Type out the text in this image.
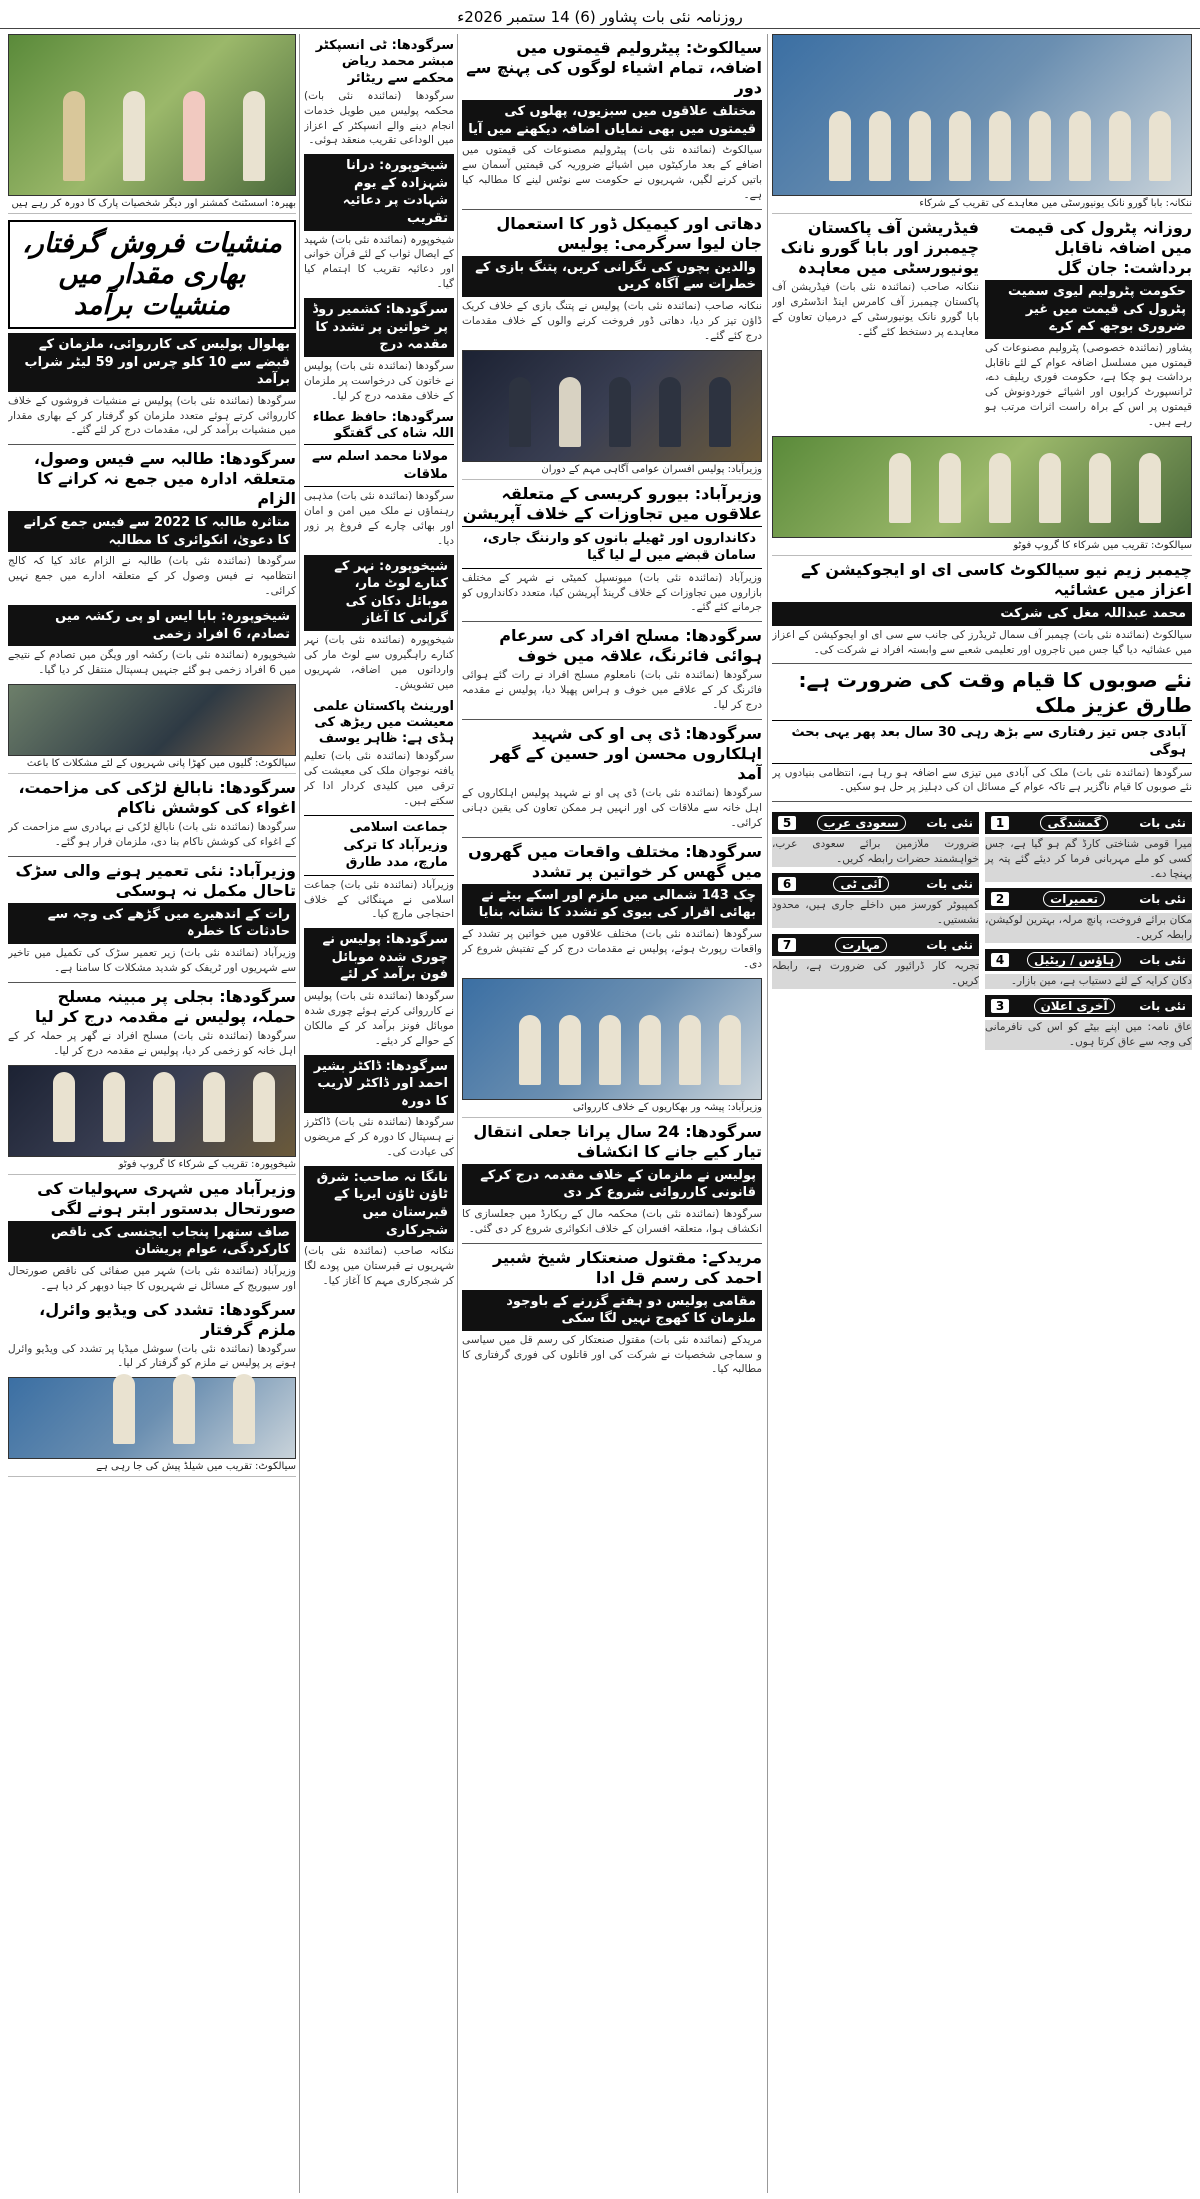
روزنامہ نئی بات پشاور (6) 14 ستمبر 2026ء
ننکانہ: بابا گورو نانک یونیورسٹی میں معاہدے کی تقریب کے شرکاء
روزانہ پٹرول کی قیمت میں اضافہ ناقابل برداشت: جان گل
حکومت پٹرولیم لیوی سمیت پٹرول کی قیمت میں غیر ضروری بوجھ کم کرے

پشاور (نمائندہ خصوصی) پٹرولیم مصنوعات کی قیمتوں میں مسلسل اضافہ عوام کے لئے ناقابل برداشت ہو چکا ہے، حکومت فوری ریلیف دے، ٹرانسپورٹ کرایوں اور اشیائے خوردونوش کی قیمتوں پر اس کے براہ راست اثرات مرتب ہو رہے ہیں۔

فیڈریشن آف پاکستان چیمبرز اور بابا گورو نانک یونیورسٹی میں معاہدہ

ننکانہ صاحب (نمائندہ نئی بات) فیڈریشن آف پاکستان چیمبرز آف کامرس اینڈ انڈسٹری اور بابا گورو نانک یونیورسٹی کے درمیان تعاون کے معاہدے پر دستخط کئے گئے۔

سیالکوٹ: تقریب میں شرکاء کا گروپ فوٹو
چیمبر زیم نیو سیالکوٹ کاسی ای او ایجوکیشن کے اعزاز میں عشائیہ
محمد عبداللہ مغل کی شرکت

سیالکوٹ (نمائندہ نئی بات) چیمبر آف سمال ٹریڈرز کی جانب سے سی ای او ایجوکیشن کے اعزاز میں عشائیہ دیا گیا جس میں تاجروں اور تعلیمی شعبے سے وابستہ افراد نے شرکت کی۔

نئے صوبوں کا قیام وقت کی ضرورت ہے: طارق عزیز ملک
آبادی جس تیز رفتاری سے بڑھ رہی 30 سال بعد پھر یہی بحث ہوگی

سرگودھا (نمائندہ نئی بات) ملک کی آبادی میں تیزی سے اضافہ ہو رہا ہے، انتظامی بنیادوں پر نئے صوبوں کا قیام ناگزیر ہے تاکہ عوام کے مسائل ان کی دہلیز پر حل ہو سکیں۔

نئی بات
گمشدگی
1

میرا قومی شناختی کارڈ گم ہو گیا ہے، جس کسی کو ملے مہربانی فرما کر دیئے گئے پتہ پر پہنچا دے۔

نئی بات
تعمیرات
2

مکان برائے فروخت، پانچ مرلہ، بہترین لوکیشن، رابطہ کریں۔

نئی بات
ہاؤس / ریٹیل
4

دکان کرایہ کے لئے دستیاب ہے، مین بازار۔

نئی بات
آخری اعلان
3

عاق نامہ: میں اپنے بیٹے کو اس کی نافرمانی کی وجہ سے عاق کرتا ہوں۔

نئی بات
سعودی عرب
5

ضرورت ملازمین برائے سعودی عرب، خواہشمند حضرات رابطہ کریں۔

نئی بات
آئی ٹی
6

کمپیوٹر کورسز میں داخلے جاری ہیں، محدود نشستیں۔

نئی بات
مہارت
7

تجربہ کار ڈرائیور کی ضرورت ہے، رابطہ کریں۔

سیالکوٹ: پیٹرولیم قیمتوں میں اضافہ، تمام اشیاء لوگوں کی پہنچ سے دور
مختلف علاقوں میں سبزیوں، پھلوں کی قیمتوں میں بھی نمایاں اضافہ دیکھنے میں آیا

سیالکوٹ (نمائندہ نئی بات) پیٹرولیم مصنوعات کی قیمتوں میں اضافے کے بعد مارکیٹوں میں اشیائے ضروریہ کی قیمتیں آسمان سے باتیں کرنے لگیں، شہریوں نے حکومت سے نوٹس لینے کا مطالبہ کیا ہے۔

دھاتی اور کیمیکل ڈور کا استعمال جان لیوا سرگرمی: پولیس
والدین بچوں کی نگرانی کریں، پتنگ بازی کے خطرات سے آگاہ کریں

ننکانہ صاحب (نمائندہ نئی بات) پولیس نے پتنگ بازی کے خلاف کریک ڈاؤن تیز کر دیا، دھاتی ڈور فروخت کرنے والوں کے خلاف مقدمات درج کئے گئے۔

وزیرآباد: پولیس افسران عوامی آگاہی مہم کے دوران
وزیرآباد: بیورو کریسی کے متعلقہ علاقوں میں تجاوزات کے خلاف آپریشن
دکانداروں اور ٹھیلے بانوں کو وارننگ جاری، سامان قبضے میں لے لیا گیا

وزیرآباد (نمائندہ نئی بات) میونسپل کمیٹی نے شہر کے مختلف بازاروں میں تجاوزات کے خلاف گرینڈ آپریشن کیا، متعدد دکانداروں کو جرمانے کئے گئے۔

سرگودھا: مسلح افراد کی سرعام ہوائی فائرنگ، علاقہ میں خوف

سرگودھا (نمائندہ نئی بات) نامعلوم مسلح افراد نے رات گئے ہوائی فائرنگ کر کے علاقے میں خوف و ہراس پھیلا دیا، پولیس نے مقدمہ درج کر لیا۔

سرگودھا: ڈی پی او کی شہید اہلکاروں محسن اور حسین کے گھر آمد

سرگودھا (نمائندہ نئی بات) ڈی پی او نے شہید پولیس اہلکاروں کے اہل خانہ سے ملاقات کی اور انہیں ہر ممکن تعاون کی یقین دہانی کرائی۔

سرگودھا: مختلف واقعات میں گھروں میں گھس کر خواتین پر تشدد
چک 143 شمالی میں ملزم اور اسکے بیٹے نے بھائی اقرار کی بیوی کو تشدد کا نشانہ بنایا

سرگودھا (نمائندہ نئی بات) مختلف علاقوں میں خواتین پر تشدد کے واقعات رپورٹ ہوئے، پولیس نے مقدمات درج کر کے تفتیش شروع کر دی۔

وزیرآباد: پیشہ ور بھکاریوں کے خلاف کارروائی
سرگودھا: 24 سال پرانا جعلی انتقال تیار کیے جانے کا انکشاف
پولیس نے ملزمان کے خلاف مقدمہ درج کرکے قانونی کارروائی شروع کر دی

سرگودھا (نمائندہ نئی بات) محکمہ مال کے ریکارڈ میں جعلسازی کا انکشاف ہوا، متعلقہ افسران کے خلاف انکوائری شروع کر دی گئی۔

مریدکے: مقتول صنعتکار شیخ شبیر احمد کی رسم قل ادا
مقامی پولیس دو ہفتے گزرنے کے باوجود ملزمان کا کھوج نہیں لگا سکی

مریدکے (نمائندہ نئی بات) مقتول صنعتکار کی رسم قل میں سیاسی و سماجی شخصیات نے شرکت کی اور قاتلوں کی فوری گرفتاری کا مطالبہ کیا۔

سرگودھا: ٹی انسپکٹر مبشر محمد ریاض محکمے سے ریٹائر

سرگودھا (نمائندہ نئی بات) محکمہ پولیس میں طویل خدمات انجام دینے والے انسپکٹر کے اعزاز میں الوداعی تقریب منعقد ہوئی۔

شیخوپورہ: درانا شہزادہ کے یوم شہادت پر دعائیہ تقریب

شیخوپورہ (نمائندہ نئی بات) شہید کے ایصال ثواب کے لئے قرآن خوانی اور دعائیہ تقریب کا اہتمام کیا گیا۔

سرگودھا: کشمیر روڈ پر خواتین پر تشدد کا مقدمہ درج

سرگودھا (نمائندہ نئی بات) پولیس نے خاتون کی درخواست پر ملزمان کے خلاف مقدمہ درج کر لیا۔

سرگودھا: حافظ عطاء اللہ شاہ کی گفتگو
مولانا محمد اسلم سے ملاقات

سرگودھا (نمائندہ نئی بات) مذہبی رہنماؤں نے ملک میں امن و امان اور بھائی چارے کے فروغ پر زور دیا۔

شیخوپورہ: نہر کے کنارے لوٹ مار، موبائل دکان کی گرانی کا آغاز

شیخوپورہ (نمائندہ نئی بات) نہر کنارے راہگیروں سے لوٹ مار کی وارداتوں میں اضافہ، شہریوں میں تشویش۔

اورینٹ پاکستان علمی معیشت میں ریڑھ کی ہڈی ہے: ظاہر یوسف

سرگودھا (نمائندہ نئی بات) تعلیم یافتہ نوجوان ملک کی معیشت کی ترقی میں کلیدی کردار ادا کر سکتے ہیں۔

جماعت اسلامی وزیرآباد کا ترکی مارچ، مدد طارق

وزیرآباد (نمائندہ نئی بات) جماعت اسلامی نے مہنگائی کے خلاف احتجاجی مارچ کیا۔

سرگودھا: پولیس نے چوری شدہ موبائل فون برآمد کر لئے

سرگودھا (نمائندہ نئی بات) پولیس نے کارروائی کرتے ہوئے چوری شدہ موبائل فونز برآمد کر کے مالکان کے حوالے کر دیئے۔

سرگودھا: ڈاکٹر بشیر احمد اور ڈاکٹر لاریب کا دورہ

سرگودھا (نمائندہ نئی بات) ڈاکٹرز نے ہسپتال کا دورہ کر کے مریضوں کی عیادت کی۔

نانگا نہ صاحب: شرق ٹاؤن ٹاؤن ایریا کے قبرستان میں شجرکاری

ننکانہ صاحب (نمائندہ نئی بات) شہریوں نے قبرستان میں پودے لگا کر شجرکاری مہم کا آغاز کیا۔

بھیرہ: اسسٹنٹ کمشنر اور دیگر شخصیات پارک کا دورہ کر رہے ہیں
منشیات فروش گرفتار، بھاری مقدار میں منشیات برآمد
بھلوال پولیس کی کارروائی، ملزمان کے قبضے سے 10 کلو چرس اور 59 لیٹر شراب برآمد

سرگودھا (نمائندہ نئی بات) پولیس نے منشیات فروشوں کے خلاف کارروائی کرتے ہوئے متعدد ملزمان کو گرفتار کر کے بھاری مقدار میں منشیات برآمد کر لی، مقدمات درج کر لئے گئے۔

سرگودھا: طالبہ سے فیس وصول، متعلقہ ادارہ میں جمع نہ کرانے کا الزام
متاثرہ طالبہ کا 2022 سے فیس جمع کرانے کا دعویٰ، انکوائری کا مطالبہ

سرگودھا (نمائندہ نئی بات) طالبہ نے الزام عائد کیا کہ کالج انتظامیہ نے فیس وصول کر کے متعلقہ ادارے میں جمع نہیں کرائی۔

شیخوپورہ: بابا ایس او پی رکشہ میں تصادم، 6 افراد زخمی

شیخوپورہ (نمائندہ نئی بات) رکشہ اور ویگن میں تصادم کے نتیجے میں 6 افراد زخمی ہو گئے جنہیں ہسپتال منتقل کر دیا گیا۔

سیالکوٹ: گلیوں میں کھڑا پانی شہریوں کے لئے مشکلات کا باعث
سرگودھا: نابالغ لڑکی کی مزاحمت، اغواء کی کوشش ناکام

سرگودھا (نمائندہ نئی بات) نابالغ لڑکی نے بہادری سے مزاحمت کر کے اغواء کی کوشش ناکام بنا دی، ملزمان فرار ہو گئے۔

وزیرآباد: نئی تعمیر ہونے والی سڑک تاحال مکمل نہ ہوسکی
رات کے اندھیرے میں گڑھے کی وجہ سے حادثات کا خطرہ

وزیرآباد (نمائندہ نئی بات) زیر تعمیر سڑک کی تکمیل میں تاخیر سے شہریوں اور ٹریفک کو شدید مشکلات کا سامنا ہے۔

سرگودھا: بجلی پر مبینہ مسلح حملہ، پولیس نے مقدمہ درج کر لیا

سرگودھا (نمائندہ نئی بات) مسلح افراد نے گھر پر حملہ کر کے اہل خانہ کو زخمی کر دیا، پولیس نے مقدمہ درج کر لیا۔

شیخوپورہ: تقریب کے شرکاء کا گروپ فوٹو
وزیرآباد میں شہری سہولیات کی صورتحال بدستور ابتر ہونے لگی
صاف ستھرا پنجاب ایجنسی کی ناقص کارکردگی، عوام پریشان

وزیرآباد (نمائندہ نئی بات) شہر میں صفائی کی ناقص صورتحال اور سیوریج کے مسائل نے شہریوں کا جینا دوبھر کر دیا ہے۔

سرگودھا: تشدد کی ویڈیو وائرل، ملزم گرفتار

سرگودھا (نمائندہ نئی بات) سوشل میڈیا پر تشدد کی ویڈیو وائرل ہونے پر پولیس نے ملزم کو گرفتار کر لیا۔

سیالکوٹ: تقریب میں شیلڈ پیش کی جا رہی ہے
